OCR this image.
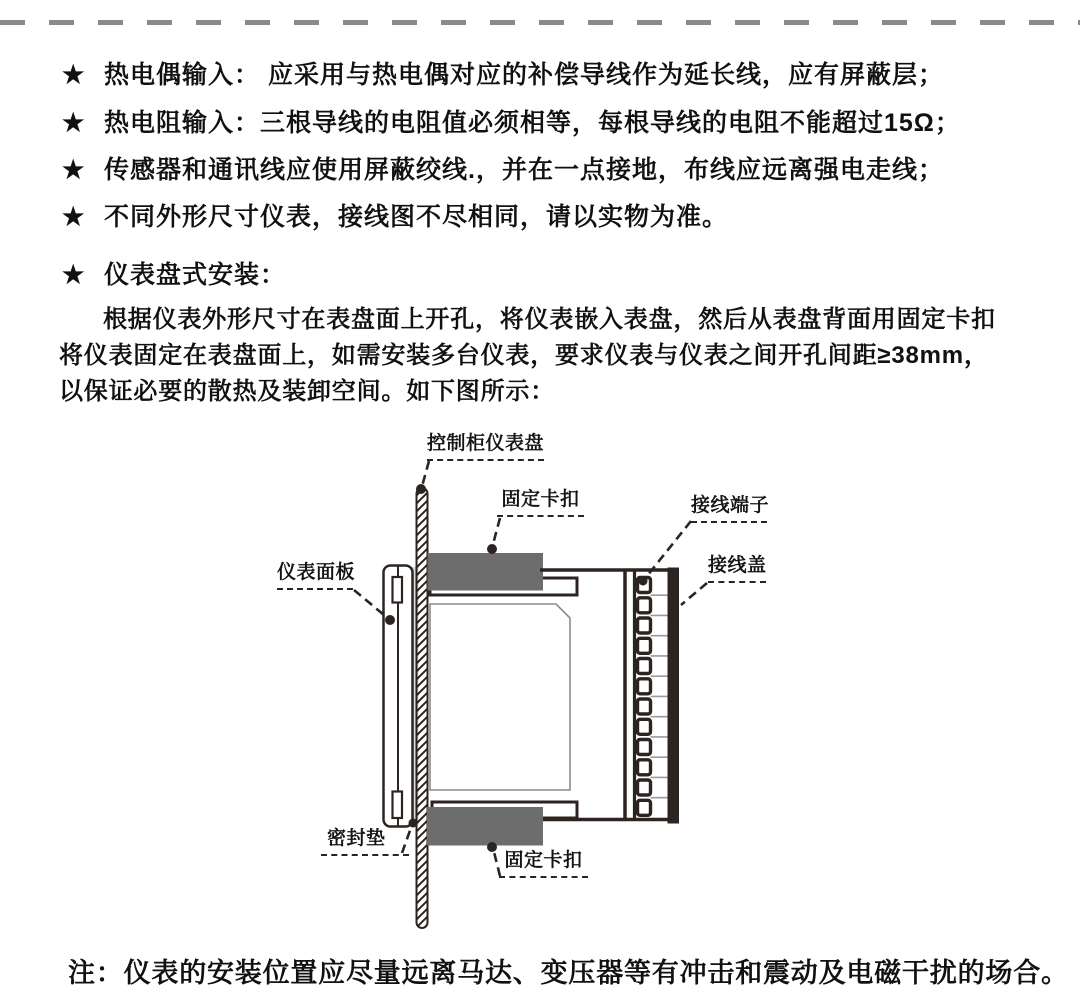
★ 热电偶输入： 应采用与热电偶对应的补偿导线作为延长线，应有屏蔽层；
★ 热电阻输入：三根导线的电阻值必须相等，每根导线的电阻不能超过15Ω；
★ 传感器和通讯线应使用屏蔽绞线.，并在一点接地，布线应远离强电走线；
★ 不同外形尺寸仪表，接线图不尽相同，请以实物为准。
★ 仪表盘式安装：
根据仪表外形尺寸在表盘面上开孔，将仪表嵌入表盘，然后从表盘背面用固定卡扣
将仪表固定在表盘面上，如需安装多台仪表，要求仪表与仪表之间开孔间距≥38mm，
以保证必要的散热及装卸空间。如下图所示：
控制柜仪表盘
固定卡扣	接线端子
接线盖
仪表面板
密封垫
固定卡扣
注：仪表的安装位置应尽量远离马达、变压器等有冲击和震动及电磁干扰的场合。
